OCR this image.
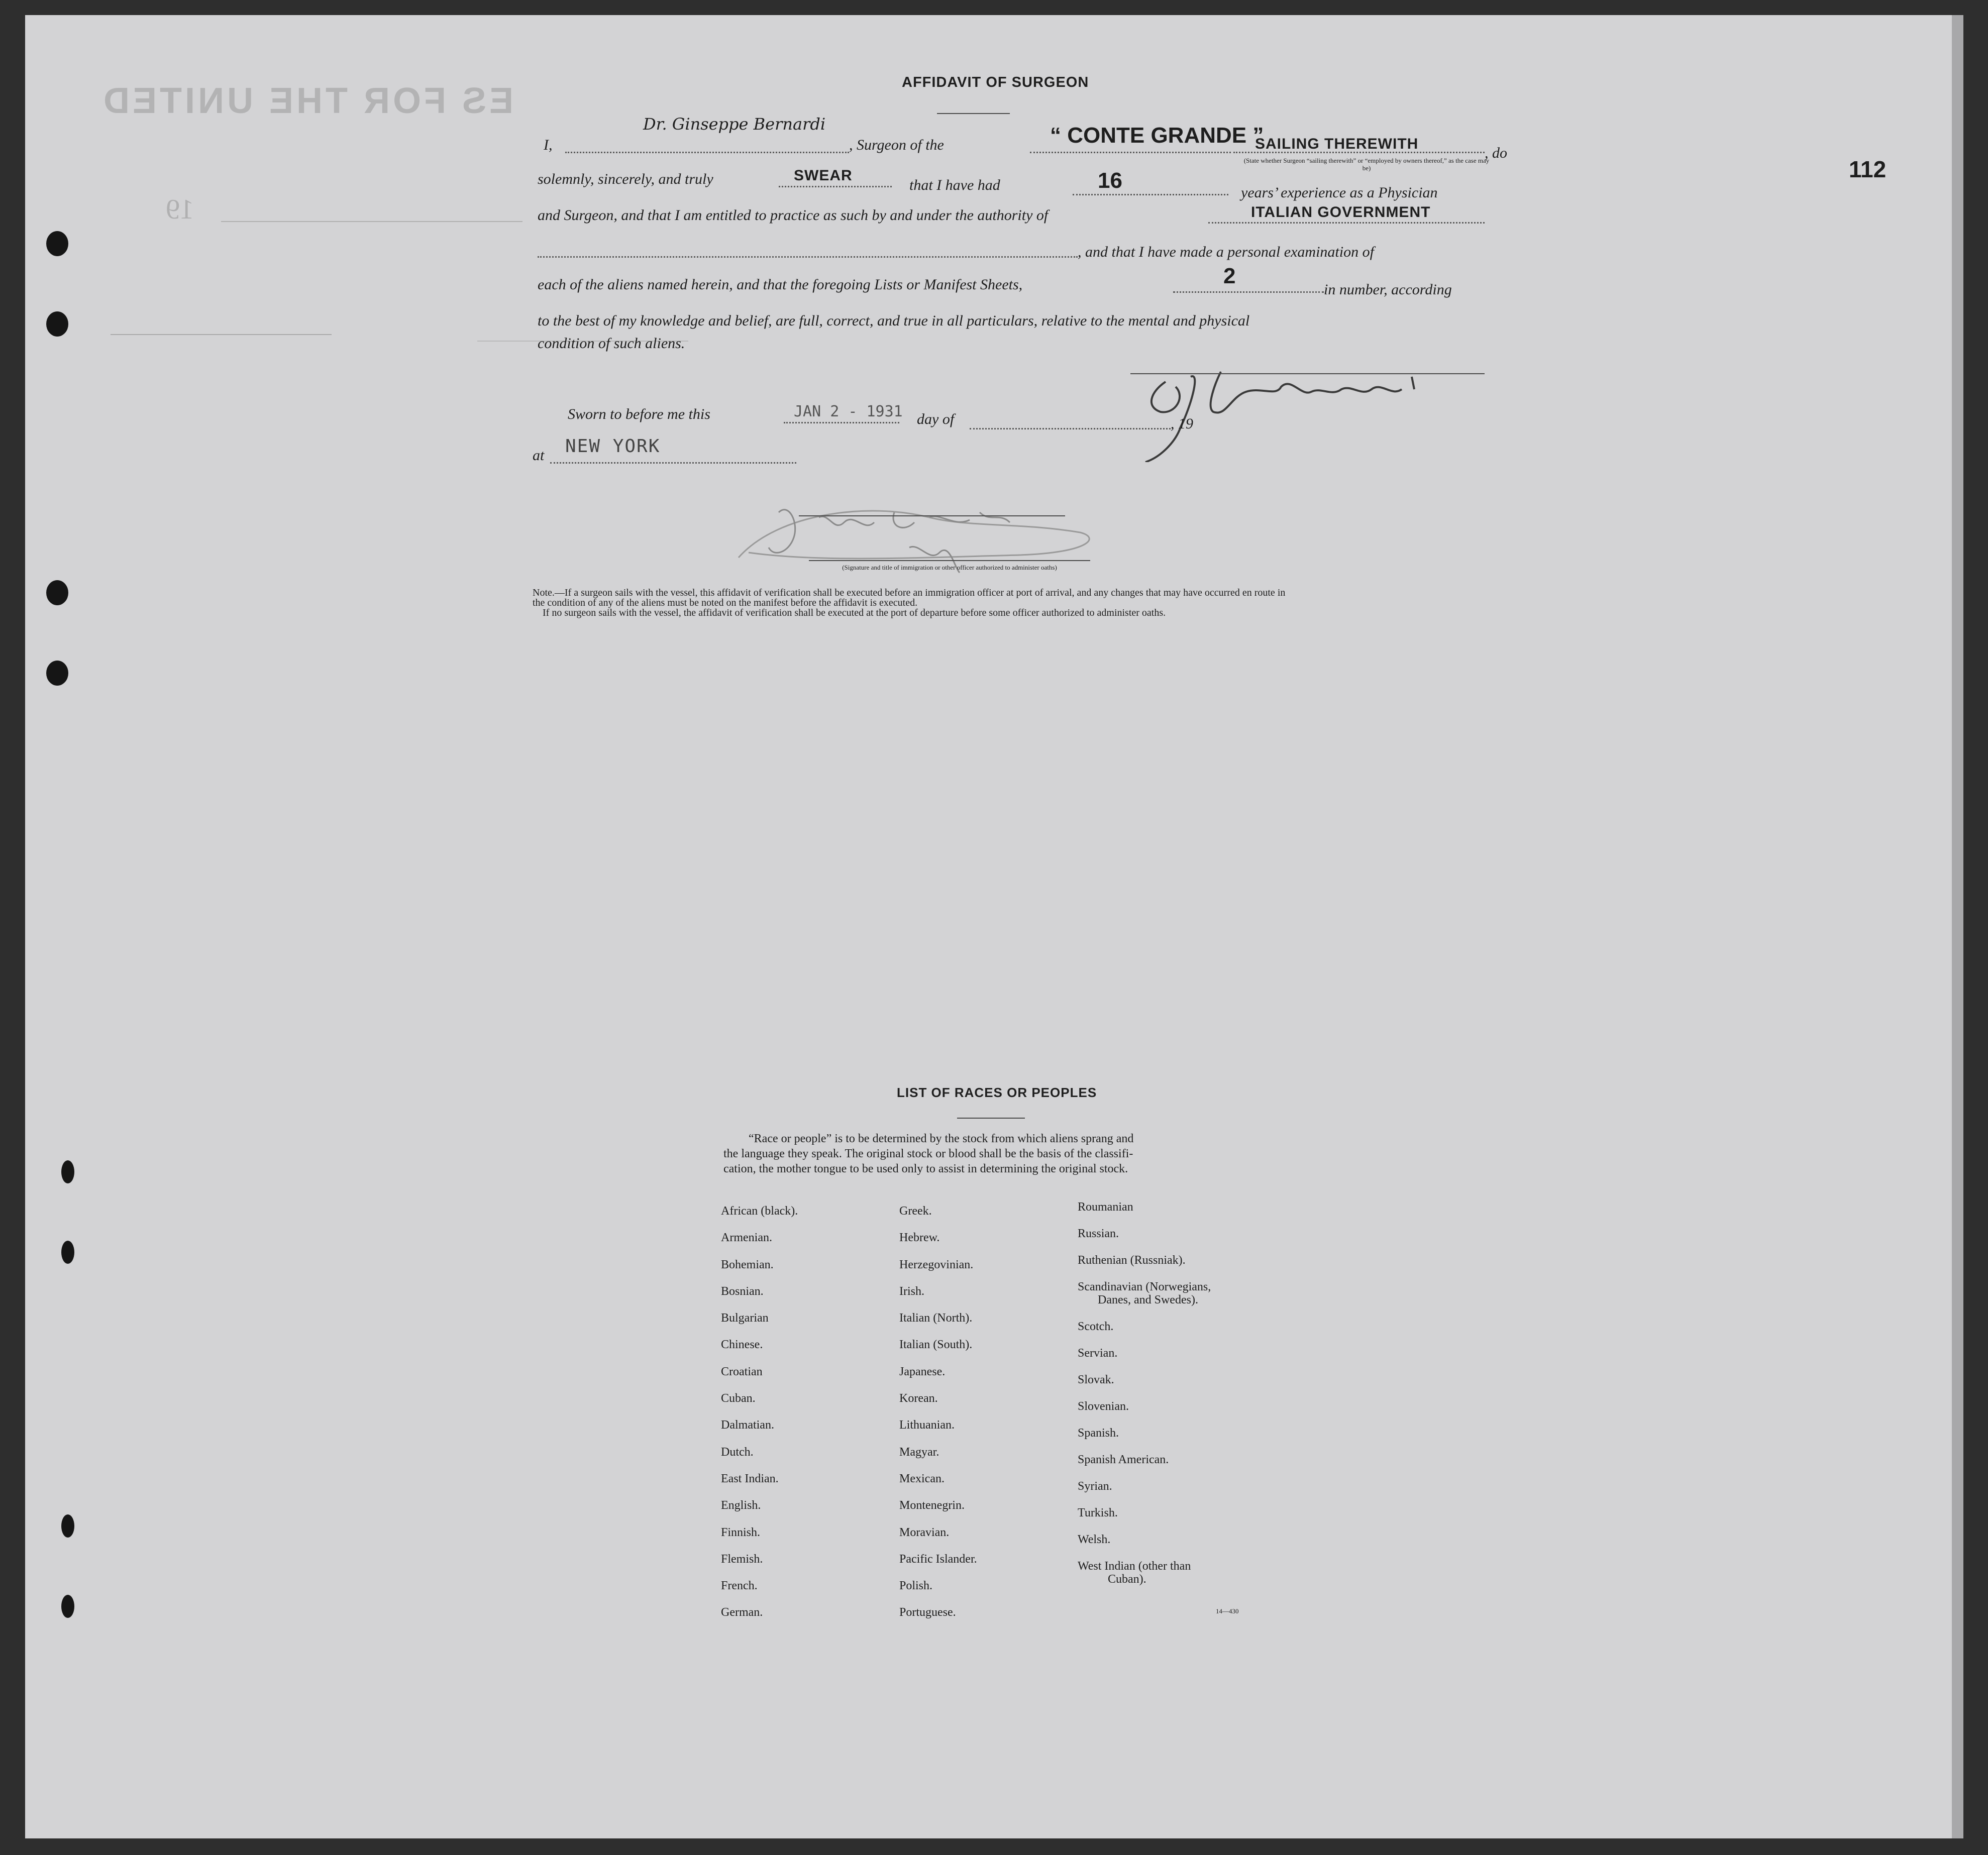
ES FOR THE UNITED
19
112
AFFIDAVIT OF SURGEON
I,
Dr. Ginseppe Bernardi
, Surgeon of the	“ CONTE GRANDE ”
SAILING THEREWITH
, do
(State whether Surgeon “sailing therewith” or “employed by owners thereof,” as the case may be)
solemnly, sincerely, and truly	SWEAR
that I have had	16	years’ experience as a Physician
and Surgeon, and that I am entitled to practice as such by and under the authority of	ITALIAN GOVERNMENT
, and that I have made a personal examination of
each of the aliens named herein, and that the foregoing Lists or Manifest Sheets,	2
in number, according
to the best of my knowledge and belief, are full, correct, and true in all particulars, relative to the mental and physical
condition of such aliens.
Sworn to before me this	JAN 2 - 1931 day of	, 19
at NEW YORK
(Signature and title of immigration or other officer authorized to administer oaths)
Note.—If a surgeon sails with the vessel, this affidavit of verification shall be executed before an immigration officer at port of arrival, and any changes that may have occurred en route in
the condition of any of the aliens must be noted on the manifest before the affidavit is executed.
If no surgeon sails with the vessel, the affidavit of verification shall be executed at the port of departure before some officer authorized to administer oaths.
LIST OF RACES OR PEOPLES
“Race or people” is to be determined by the stock from which aliens sprang and
the language they speak. The original stock or blood shall be the basis of the classifi-
cation, the mother tongue to be used only to assist in determining the original stock.
African (black).
Armenian.
Bohemian.
Bosnian.
Bulgarian
Chinese.
Croatian
Cuban.
Dalmatian.
Dutch.
East Indian.
English.
Finnish.
Flemish.
French.
German.
Greek.
Hebrew.
Herzegovinian.
Irish.
Italian (North).
Italian (South).
Japanese.
Korean.
Lithuanian.
Magyar.
Mexican.
Montenegrin.
Moravian.
Pacific Islander.
Polish.
Portuguese.
Roumanian
Russian.
Ruthenian (Russniak).
Scandinavian (Norwegians,
Danes, and Swedes).
Scotch.
Servian.
Slovak.
Slovenian.
Spanish.
Spanish American.
Syrian.
Turkish.
Welsh.
West Indian (other than
Cuban).
14—430
